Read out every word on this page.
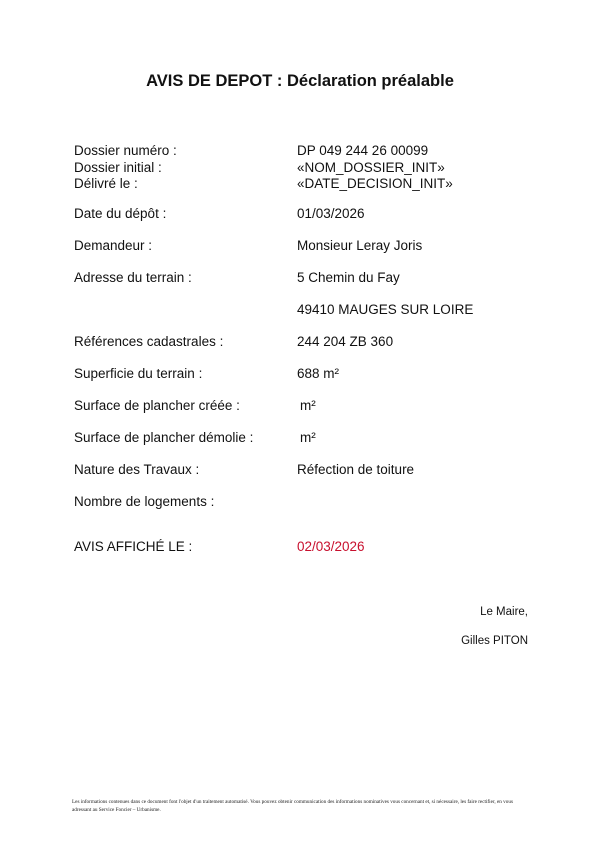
AVIS DE DEPOT : Déclaration préalable
Dossier numéro :	DP 049 244 26 00099
Dossier initial :	«NOM_DOSSIER_INIT»
Délivré le :	«DATE_DECISION_INIT»
Date du dépôt :	01/03/2026
Demandeur :	Monsieur Leray Joris
Adresse du terrain :	5 Chemin du Fay
49410 MAUGES SUR LOIRE
Références cadastrales :	244 204 ZB 360
Superficie du terrain :	688 m²
Surface de plancher créée :	m²
Surface de plancher démolie :	m²
Nature des Travaux :	Réfection de toiture
Nombre de logements :
AVIS AFFICHÉ LE :	02/03/2026
Le Maire,
Gilles PITON
Les informations contenues dans ce document font l'objet d'un traitement automatisé. Vous pouvez obtenir communication des informations nominatives vous concernant et, si nécessaire, les faire rectifier, en vous adressant au Service Foncier – Urbanisme.
